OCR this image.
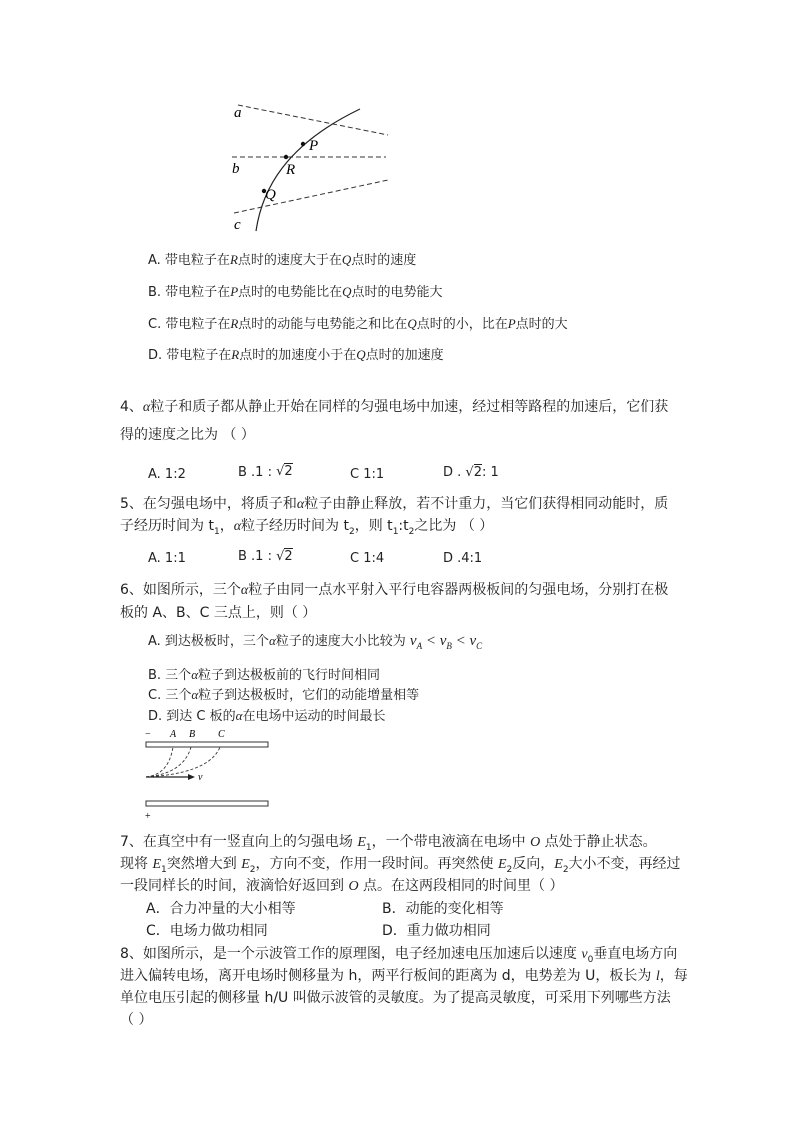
a
b
c
P
R
Q
A. 带电粒子在R点时的速度大于在Q点时的速度
B. 带电粒子在P点时的电势能比在Q点时的电势能大
C. 带电粒子在R点时的动能与电势能之和比在Q点时的小，比在P点时的大
D. 带电粒子在R点时的加速度小于在Q点时的加速度
4、α粒子和质子都从静止开始在同样的匀强电场中加速，经过相等路程的加速后，它们获
得的速度之比为 （ ）
A. 1:2	B .1 : √2	C 1:1	D . √2: 1
5、在匀强电场中，将质子和α粒子由静止释放，若不计重力，当它们获得相同动能时，质
子经历时间为 $t_1$，α粒子经历时间为 $t_2$，则 $t_1:t_2$之比为 （ ）
A. 1:1	B .1 : √2	C 1:4	D .4:1
6、如图所示，三个α粒子由同一点水平射入平行电容器两极板间的匀强电场，分别打在极
板的 A、B、C 三点上，则（ ）
A. 到达极板时，三个α粒子的速度大小比较为 $v_A < v_B < v_C$
B. 三个α粒子到达极板前的飞行时间相同
C. 三个α粒子到达极板时，它们的动能增量相等
D. 到达 C 板的α在电场中运动的时间最长
− A B C
v
+
7、在真空中有一竖直向上的匀强电场 $E_1$，一个带电液滴在电场中 O 点处于静止状态。
现将 $E_1$突然增大到 $E_2$，方向不变，作用一段时间。再突然使 $E_2$反向，$E_2$大小不变，再经过
一段同样长的时间，液滴恰好返回到 O 点。在这两段相同的时间里（ ）
A．合力冲量的大小相等	B．动能的变化相等
C．电场力做功相同	D．重力做功相同
8、如图所示，是一个示波管工作的原理图，电子经加速电压加速后以速度 $v_0$垂直电场方向
进入偏转电场，离开电场时侧移量为 h，两平行板间的距离为 d，电势差为 U，板长为 l，每
单位电压引起的侧移量 h/U 叫做示波管的灵敏度。为了提高灵敏度，可采用下列哪些方法
（ ）
